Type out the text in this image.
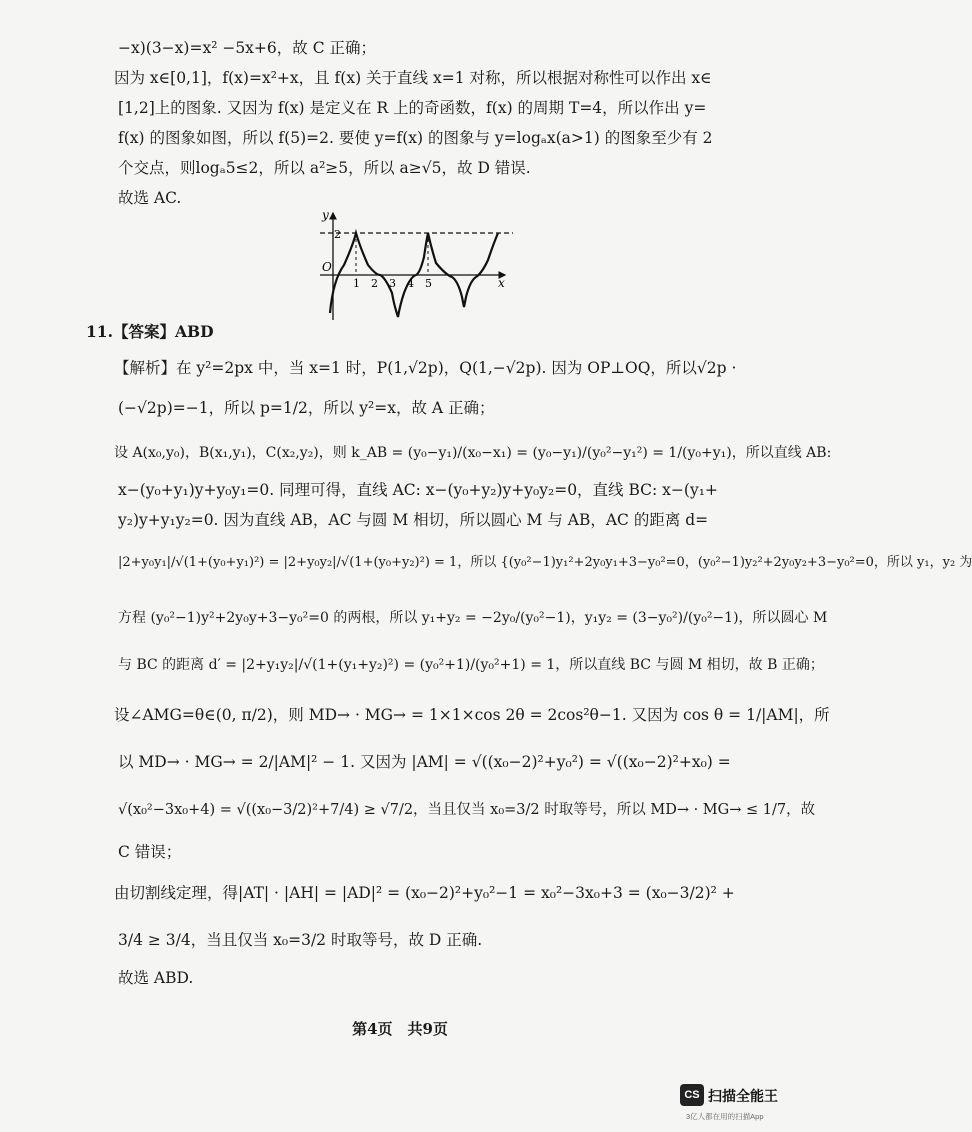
−x)(3−x)=x² −5x+6，故 C 正确；
因为 x∈[0,1]，f(x)=x²+x，且 f(x) 关于直线 x=1 对称，所以根据对称性可以作出 x∈
[1,2]上的图象. 又因为 f(x) 是定义在 R 上的奇函数，f(x) 的周期 T=4，所以作出 y=
f(x) 的图象如图，所以 f(5)=2. 要使 y=f(x) 的图象与 y=logₐx(a>1) 的图象至少有 2
个交点，则logₐ5≤2，所以 a²≥5，所以 a≥√5，故 D 错误.
故选 AC.
y
x
O
2
1 2 3 4 5
11.【答案】ABD
【解析】在 y²=2px 中，当 x=1 时，P(1,√2p)，Q(1,−√2p). 因为 OP⊥OQ，所以√2p ·
(−√2p)=−1，所以 p=1/2，所以 y²=x，故 A 正确；
设 A(x₀,y₀)，B(x₁,y₁)，C(x₂,y₂)，则 k_AB = (y₀−y₁)/(x₀−x₁) = (y₀−y₁)/(y₀²−y₁²) = 1/(y₀+y₁)，所以直线 AB:
x−(y₀+y₁)y+y₀y₁=0. 同理可得，直线 AC: x−(y₀+y₂)y+y₀y₂=0，直线 BC: x−(y₁+
y₂)y+y₁y₂=0. 因为直线 AB，AC 与圆 M 相切，所以圆心 M 与 AB，AC 的距离 d=
|2+y₀y₁|/√(1+(y₀+y₁)²) = |2+y₀y₂|/√(1+(y₀+y₂)²) = 1，所以 {(y₀²−1)y₁²+2y₀y₁+3−y₀²=0，(y₀²−1)y₂²+2y₀y₂+3−y₀²=0，所以 y₁，y₂ 为
方程 (y₀²−1)y²+2y₀y+3−y₀²=0 的两根，所以 y₁+y₂ = −2y₀/(y₀²−1)，y₁y₂ = (3−y₀²)/(y₀²−1)，所以圆心 M
与 BC 的距离 d′ = |2+y₁y₂|/√(1+(y₁+y₂)²) = (y₀²+1)/(y₀²+1) = 1，所以直线 BC 与圆 M 相切，故 B 正确；
设∠AMG=θ∈(0, π/2)，则 MD→ · MG→ = 1×1×cos 2θ = 2cos²θ−1. 又因为 cos θ = 1/|AM|，所
以 MD→ · MG→ = 2/|AM|² − 1. 又因为 |AM| = √((x₀−2)²+y₀²) = √((x₀−2)²+x₀) =
√(x₀²−3x₀+4) = √((x₀−3/2)²+7/4) ≥ √7/2，当且仅当 x₀=3/2 时取等号，所以 MD→ · MG→ ≤ 1/7，故
C 错误；
由切割线定理，得|AT| · |AH| = |AD|² = (x₀−2)²+y₀²−1 = x₀²−3x₀+3 = (x₀−3/2)² +
3/4 ≥ 3/4，当且仅当 x₀=3/2 时取等号，故 D 正确.
故选 ABD.
第4页　共9页
CS 扫描全能王
3亿人都在用的扫描App
